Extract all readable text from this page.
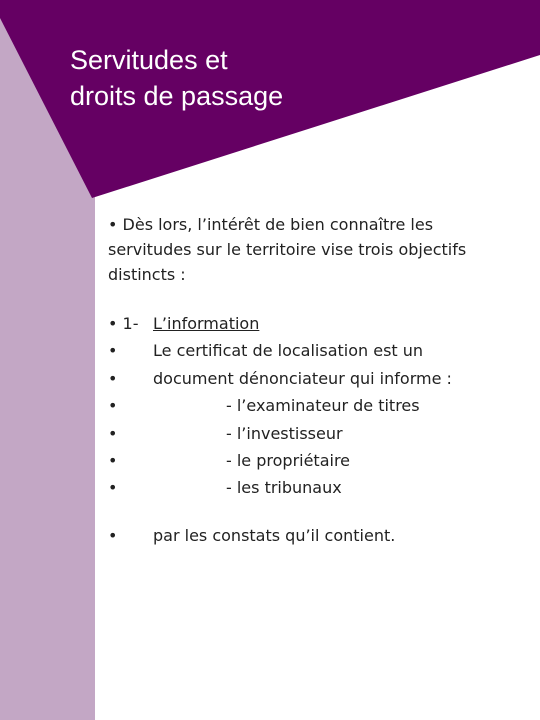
Servitudes et
droits de passage

• Dès lors, l’intérêt de bien connaître les servitudes sur le territoire vise trois objectifs distincts :

• 1- L’information
• Le certificat de localisation est un
• document dénonciateur qui informe :
•	- l’examinateur de titres
•	- l’investisseur
•	- le propriétaire
•	- les tribunaux
• par les constats qu’il contient.
